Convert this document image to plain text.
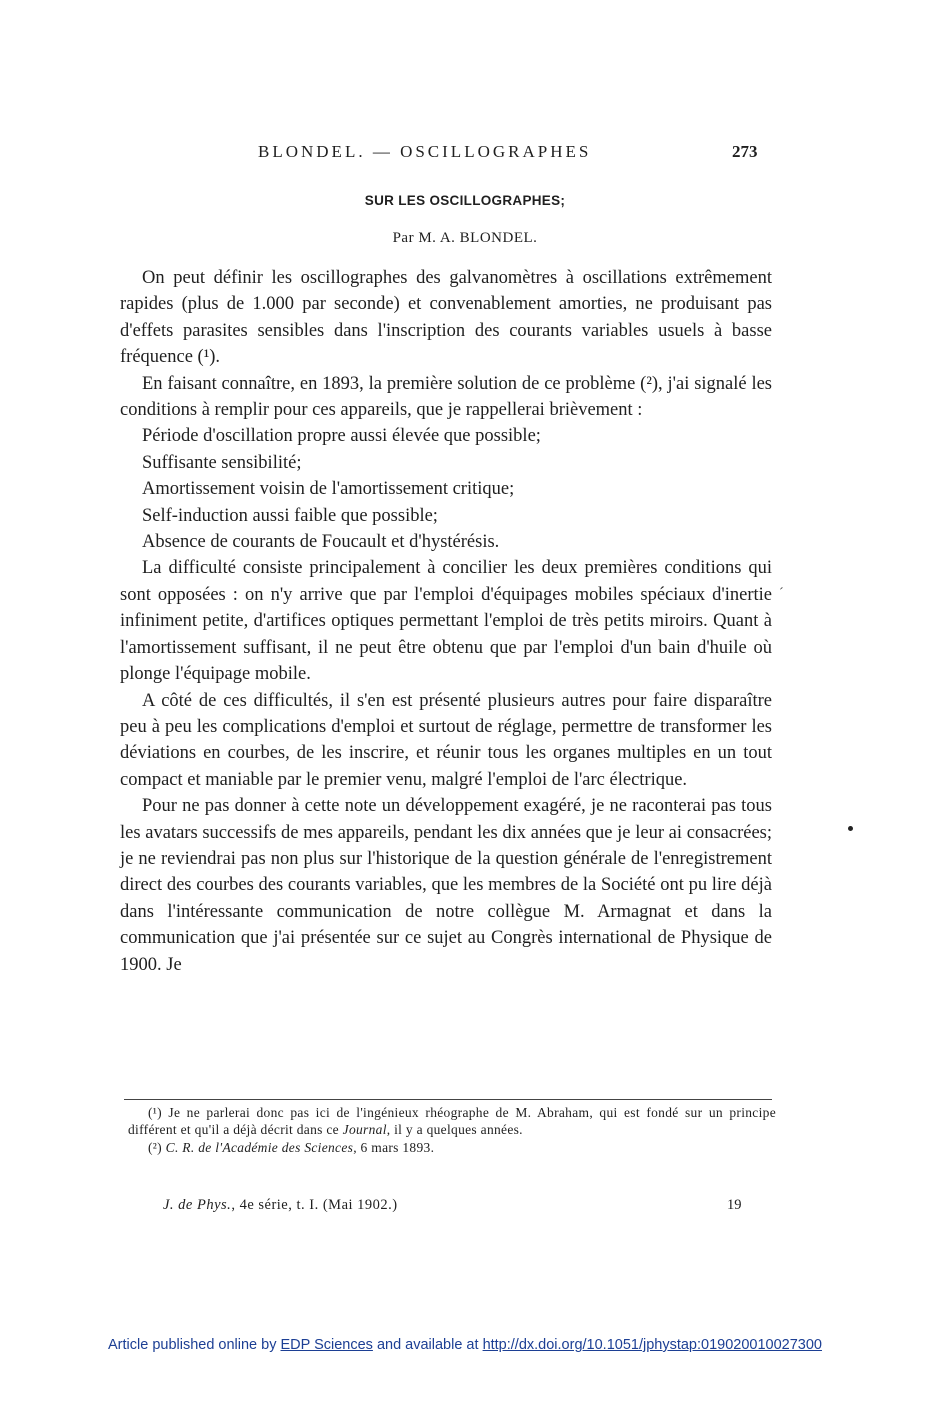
BLONDEL. — OSCILLOGRAPHES	273
SUR LES OSCILLOGRAPHES;
Par M. A. BLONDEL.

On peut définir les oscillographes des galvanomètres à oscillations extrêmement rapides (plus de 1.000 par seconde) et convenablement amorties, ne produisant pas d'effets parasites sensibles dans l'inscription des courants variables usuels à basse fréquence (¹).

En faisant connaître, en 1893, la première solution de ce problème (²), j'ai signalé les conditions à remplir pour ces appareils, que je rappellerai brièvement :

Période d'oscillation propre aussi élevée que possible;

Suffisante sensibilité;

Amortissement voisin de l'amortissement critique;

Self-induction aussi faible que possible;

Absence de courants de Foucault et d'hystérésis.

La difficulté consiste principalement à concilier les deux premières conditions qui sont opposées : on n'y arrive que par l'emploi d'équipages mobiles spéciaux d'inertie infiniment petite, d'artifices optiques permettant l'emploi de très petits miroirs. Quant à l'amortissement suffisant, il ne peut être obtenu que par l'emploi d'un bain d'huile où plonge l'équipage mobile.

A côté de ces difficultés, il s'en est présenté plusieurs autres pour faire disparaître peu à peu les complications d'emploi et surtout de réglage, permettre de transformer les déviations en courbes, de les inscrire, et réunir tous les organes multiples en un tout compact et maniable par le premier venu, malgré l'emploi de l'arc électrique.

Pour ne pas donner à cette note un développement exagéré, je ne raconterai pas tous les avatars successifs de mes appareils, pendant les dix années que je leur ai consacrées; je ne reviendrai pas non plus sur l'historique de la question générale de l'enregistrement direct des courbes des courants variables, que les membres de la Société ont pu lire déjà dans l'intéressante communication de notre collègue M. Armagnat et dans la communication que j'ai présentée sur ce sujet au Congrès international de Physique de 1900. Je

´

(¹) Je ne parlerai donc pas ici de l'ingénieux rhéographe de M. Abraham, qui est fondé sur un principe différent et qu'il a déjà décrit dans ce Journal, il y a quelques années.

(²) C. R. de l'Académie des Sciences, 6 mars 1893.

J. de Phys., 4e série, t. I. (Mai 1902.)	19
Article published online by EDP Sciences and available at http://dx.doi.org/10.1051/jphystap:019020010027300
